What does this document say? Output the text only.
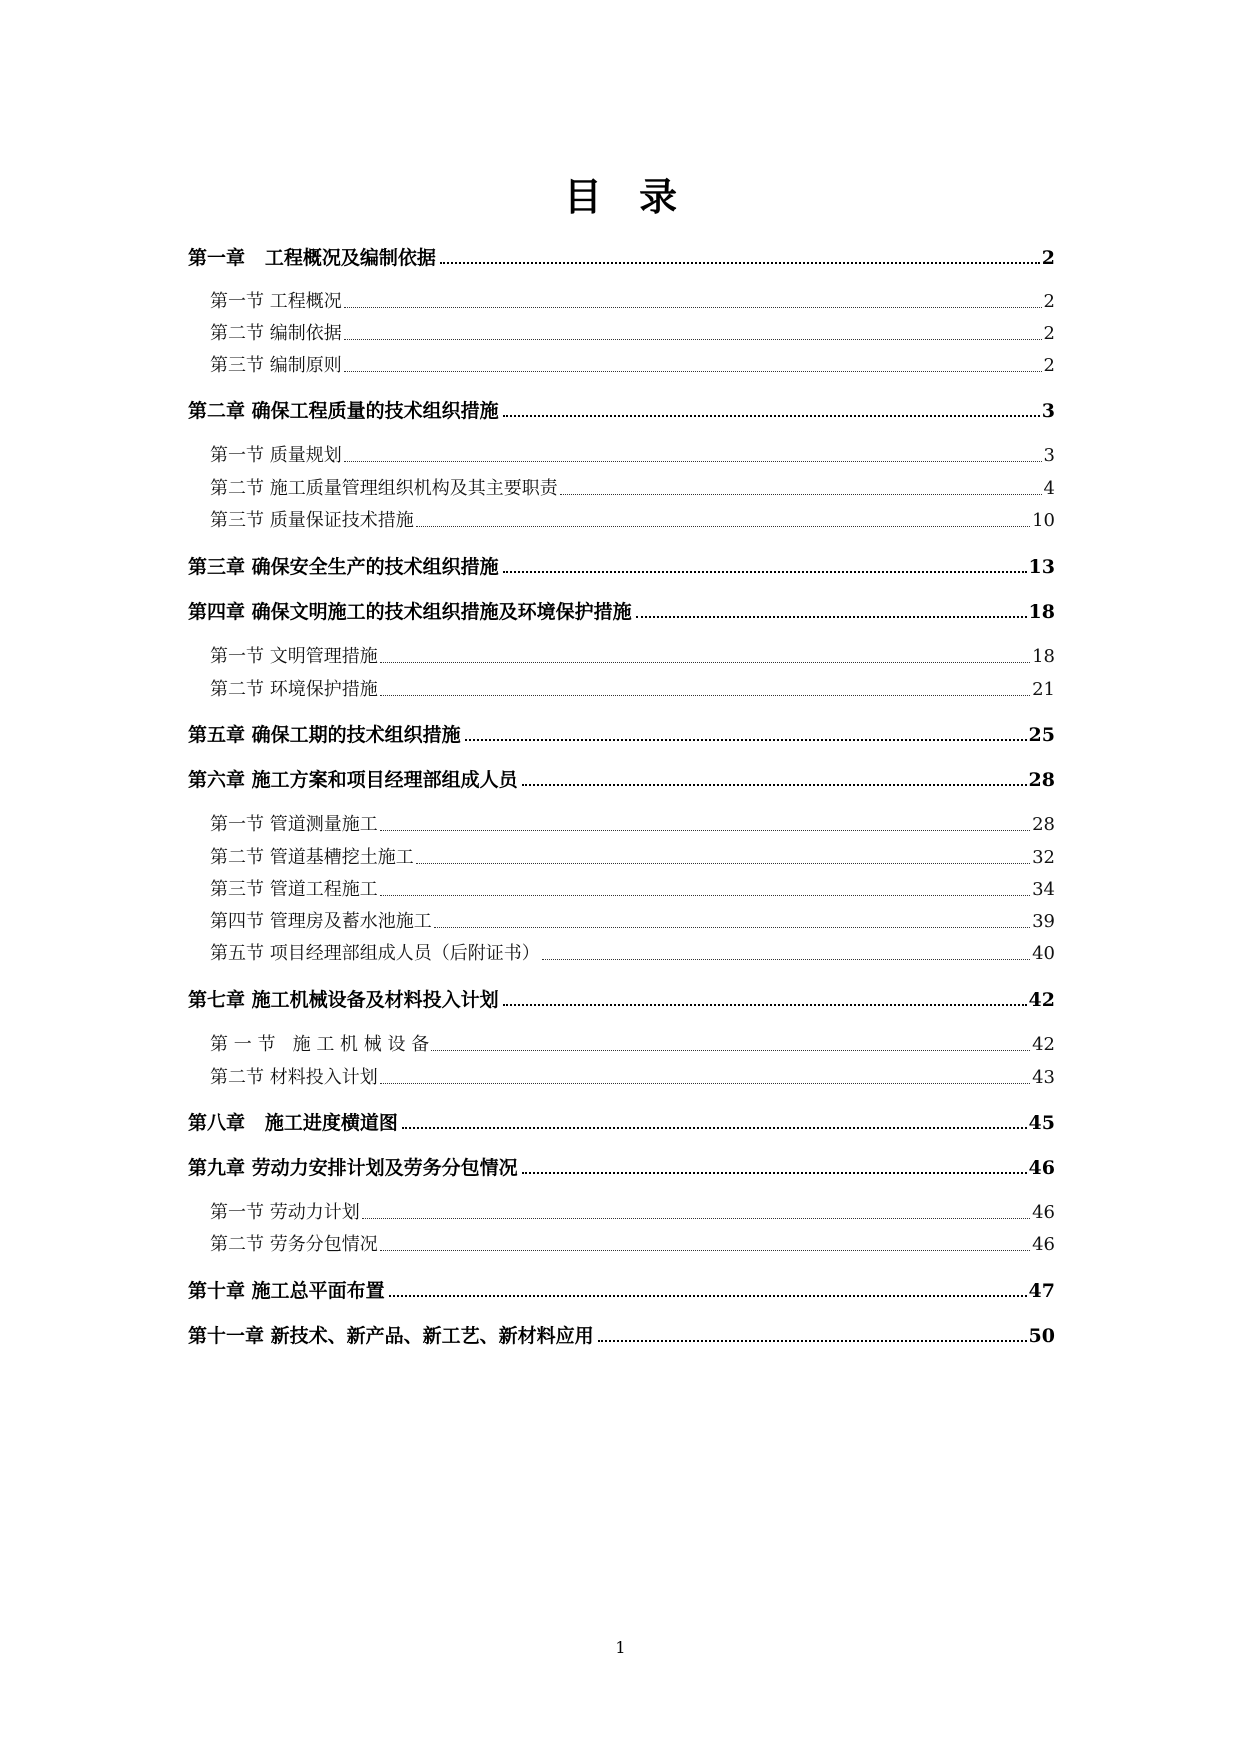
目 录
第一章   工程概况及编制依据	2
第一节 工程概况	2
第二节 编制依据	2
第三节 编制原则	2
第二章 确保工程质量的技术组织措施	3
第一节 质量规划	3
第二节 施工质量管理组织机构及其主要职责	4
第三节 质量保证技术措施	10
第三章 确保安全生产的技术组织措施	13
第四章 确保文明施工的技术组织措施及环境保护措施	18
第一节 文明管理措施	18
第二节 环境保护措施	21
第五章 确保工期的技术组织措施	25
第六章 施工方案和项目经理部组成人员	28
第一节 管道测量施工	28
第二节 管道基槽挖土施工	32
第三节 管道工程施工	34
第四节 管理房及蓄水池施工	39
第五节 项目经理部组成人员（后附证书）	40
第七章 施工机械设备及材料投入计划	42
第 一 节   施 工 机 械 设 备	42
第二节 材料投入计划	43
第八章   施工进度横道图	45
第九章 劳动力安排计划及劳务分包情况	46
第一节 劳动力计划	46
第二节 劳务分包情况	46
第十章 施工总平面布置	47
第十一章 新技术、新产品、新工艺、新材料应用	50
1
